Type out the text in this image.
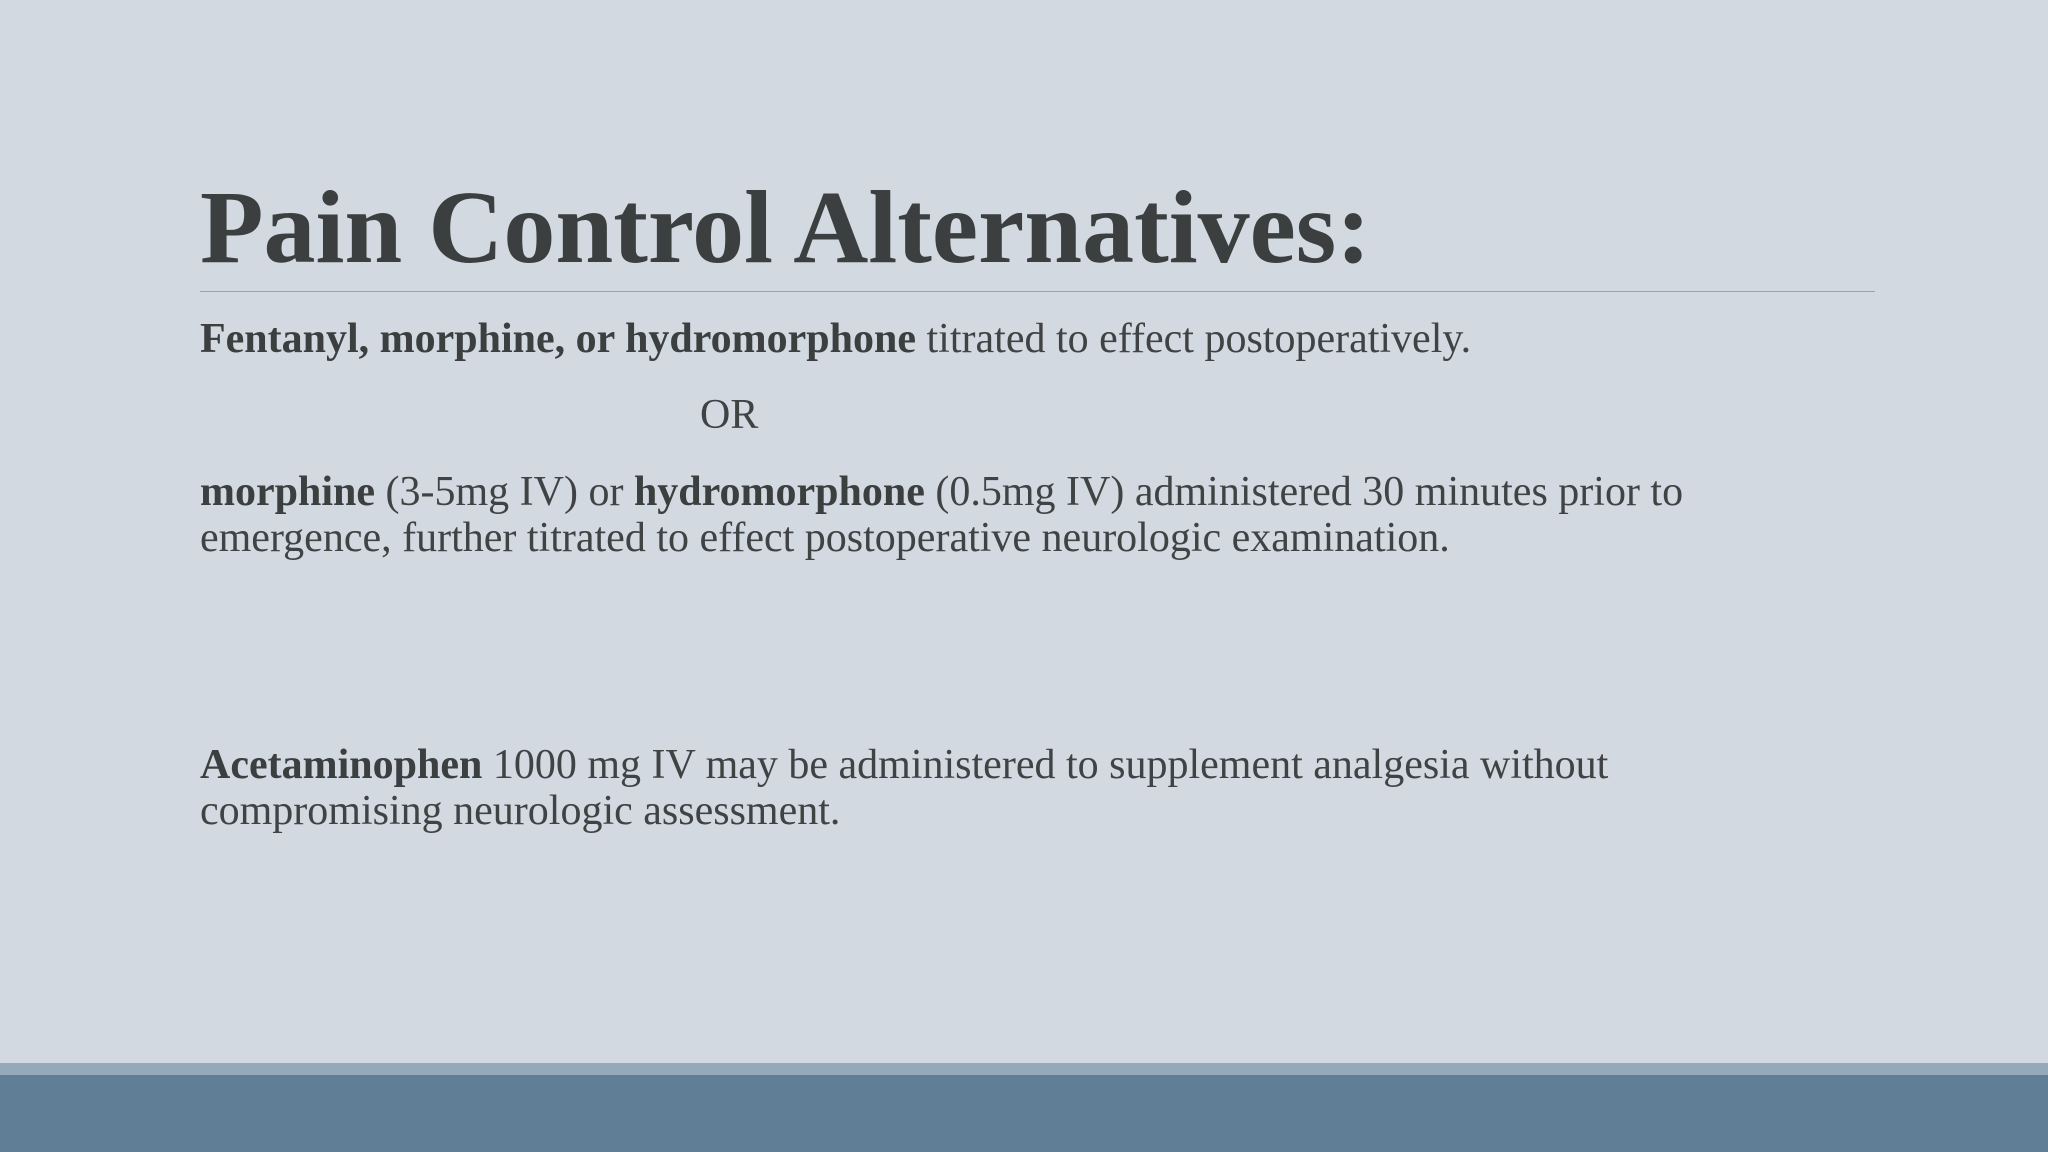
Pain Control Alternatives:

Fentanyl, morphine, or hydromorphone titrated to effect postoperatively.

OR

morphine (3-5mg IV) or hydromorphone (0.5mg IV) administered 30 minutes prior to emergence, further titrated to effect postoperative neurologic examination.

Acetaminophen 1000 mg IV may be administered to supplement analgesia without compromising neurologic assessment.
